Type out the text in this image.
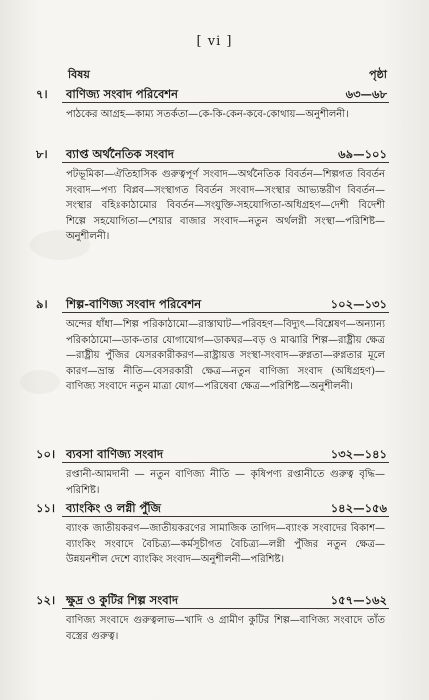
[ vi ]
বিষয়	পৃষ্ঠা
৭। বাণিজ্য সংবাদ পরিবেশন	৬৩—৬৮
পাঠকের আগ্রহ—কাম্য সতর্কতা—কে-কি-কেন-কবে-কোথায়—অনুশীলনী।
৮। ব্যাপ্ত অর্থনৈতিক সংবাদ	৬৯—১০১
পটভূমিকা—ঐতিহাসিক গুরুত্বপূর্ণ সংবাদ—অর্থনৈতিক বিবর্তন—শিল্পগত বিবর্তন সংবাদ—পণ্য বিপ্লব—সংস্থাগত বিবর্তন সংবাদ—সংস্থার আভ্যন্তরীণ বিবর্তন—সংস্থার বহিঃকাঠামোর বিবর্তন—সংযুক্তি-সহযোগিতা-অধিগ্রহণ—দেশী বিদেশী শিল্পে সহযোগিতা—শেয়ার বাজার সংবাদ—নতুন অর্থলগ্নী সংস্থা—পরিশিষ্ট—অনুশীলনী।
৯। শিল্প-বাণিজ্য সংবাদ পরিবেশন	১০২—১৩১
অন্দের ধাঁধা—শিল্প পরিকাঠামো—রাস্তাঘাট—পরিবহণ—বিদ্যুৎ—বিশ্লেষণ—অন্যান্য পরিকাঠামো—ডাক-তার যোগাযোগ—ডাকঘর—বড় ও মাঝারি শিল্প—রাষ্ট্রীয় ক্ষেত্র—রাষ্ট্রীয় পুঁজির যেসরকারীকরণ—রাষ্ট্রায়ত্ত সংস্থা-সংবাদ—রুগ্নতা—রুগ্নতার মূলে কারণ—ভ্রান্ত নীতি—বেসরকারী ক্ষেত্র—নতুন বাণিজ্য সংবাদ (অধিগ্রহণ)—বাণিজ্য সংবাদে নতুন মাত্রা যোগ—পরিষেবা ক্ষেত্র—পরিশিষ্ট—অনুশীলনী।
১০। ব্যবসা বাণিজ্য সংবাদ	১৩২—১৪১
রপ্তানী-আমদানী — নতুন বাণিজ্য নীতি — কৃষিপণ্য রপ্তানীতে গুরুত্ব বৃদ্ধি—পরিশিষ্ট।
১১। ব্যাংকিং ও লগ্নী পুঁজি	১৪২—১৫৬
ব্যাংক জাতীয়করণ—জাতীয়করণের সামাজিক তাগিদ—ব্যাংক সংবাদের বিকাশ—ব্যাংকিং সংবাদে বৈচিত্র্য—কর্মসূচীগত বৈচিত্র্য—লগ্নী পুঁজির নতুন ক্ষেত্র—উন্নয়নশীল দেশে ব্যাংকিং সংবাদ—অনুশীলনী—পরিশিষ্ট।
১২। ক্ষুদ্র ও কুটির শিল্প সংবাদ	১৫৭—১৬২
বাণিজ্য সংবাদে গুরুত্বলাভ—খাদি ও গ্রামীণ কুটির শিল্প—বাণিজ্য সংবাদে তাঁত বস্ত্রের গুরুত্ব।
